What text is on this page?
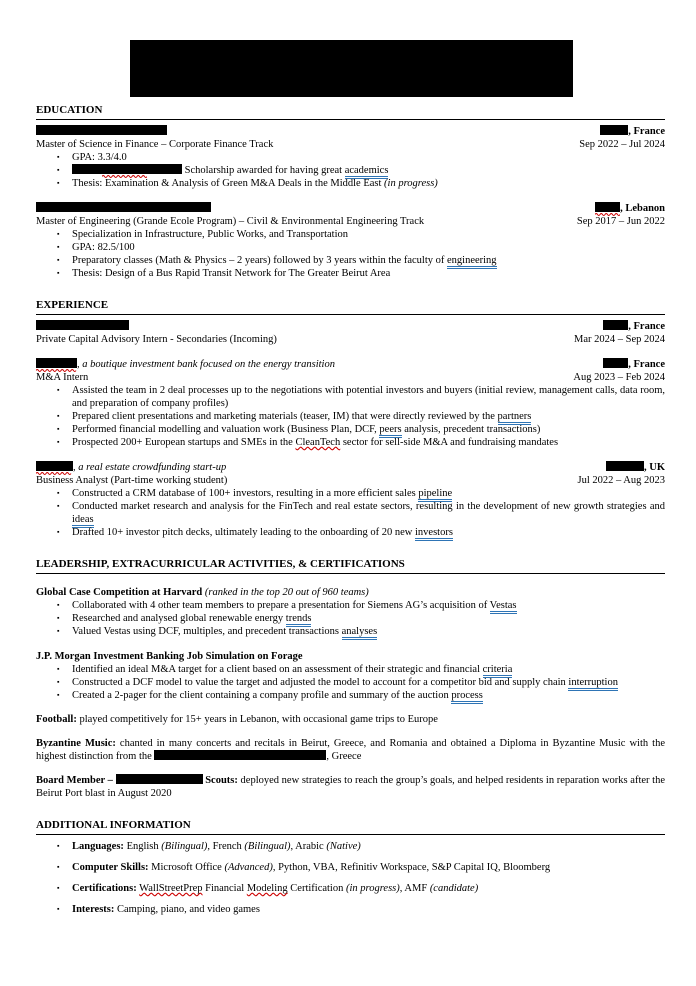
EDUCATION
, France
Master of Science in Finance – Corporate Finance Track	Sep 2022 – Jul 2024
▪	GPA: 3.3/4.0
▪	Scholarship awarded for having great academics
▪	Thesis: Examination & Analysis of Green M&A Deals in the Middle East (in progress)
, Lebanon
Master of Engineering (Grande Ecole Program) – Civil & Environmental Engineering Track	Sep 2017 – Jun 2022
▪	Specialization in Infrastructure, Public Works, and Transportation
▪	GPA: 82.5/100
▪	Preparatory classes (Math & Physics – 2 years) followed by 3 years within the faculty of engineering
▪	Thesis: Design of a Bus Rapid Transit Network for The Greater Beirut Area
EXPERIENCE
, France
Private Capital Advisory Intern - Secondaries (Incoming)	Mar 2024 – Sep 2024
, a boutique investment bank focused on the energy transition	, France
M&A Intern	Aug 2023 – Feb 2024
▪	Assisted the team in 2 deal processes up to the negotiations with potential investors and buyers (initial review, management calls, data room, and preparation of company profiles)
▪	Prepared client presentations and marketing materials (teaser, IM) that were directly reviewed by the partners
▪	Performed financial modelling and valuation work (Business Plan, DCF, peers analysis, precedent transactions)
▪	Prospected 200+ European startups and SMEs in the CleanTech sector for sell-side M&A and fundraising mandates
, a real estate crowdfunding start-up	, UK
Business Analyst (Part-time working student)	Jul 2022 – Aug 2023
▪	Constructed a CRM database of 100+ investors, resulting in a more efficient sales pipeline
▪	Conducted market research and analysis for the FinTech and real estate sectors, resulting in the development of new growth strategies and ideas
▪	Drafted 10+ investor pitch decks, ultimately leading to the onboarding of 20 new investors
LEADERSHIP, EXTRACURRICULAR ACTIVITIES, & CERTIFICATIONS
Global Case Competition at Harvard (ranked in the top 20 out of 960 teams)
▪	Collaborated with 4 other team members to prepare a presentation for Siemens AG’s acquisition of Vestas
▪	Researched and analysed global renewable energy trends
▪	Valued Vestas using DCF, multiples, and precedent transactions analyses
J.P. Morgan Investment Banking Job Simulation on Forage
▪	Identified an ideal M&A target for a client based on an assessment of their strategic and financial criteria
▪	Constructed a DCF model to value the target and adjusted the model to account for a competitor bid and supply chain interruption
▪	Created a 2-pager for the client containing a company profile and summary of the auction process
Football: played competitively for 15+ years in Lebanon, with occasional game trips to Europe
Byzantine Music: chanted in many concerts and recitals in Beirut, Greece, and Romania and obtained a Diploma in Byzantine Music with the highest distinction from the	, Greece
Board Member –	Scouts: deployed new strategies to reach the group’s goals, and helped residents in reparation works after the Beirut Port blast in August 2020
ADDITIONAL INFORMATION
▪	Languages: English (Bilingual), French (Bilingual), Arabic (Native)
▪	Computer Skills: Microsoft Office (Advanced), Python, VBA, Refinitiv Workspace, S&P Capital IQ, Bloomberg
▪	Certifications: WallStreetPrep Financial Modeling Certification (in progress), AMF (candidate)
▪	Interests: Camping, piano, and video games
